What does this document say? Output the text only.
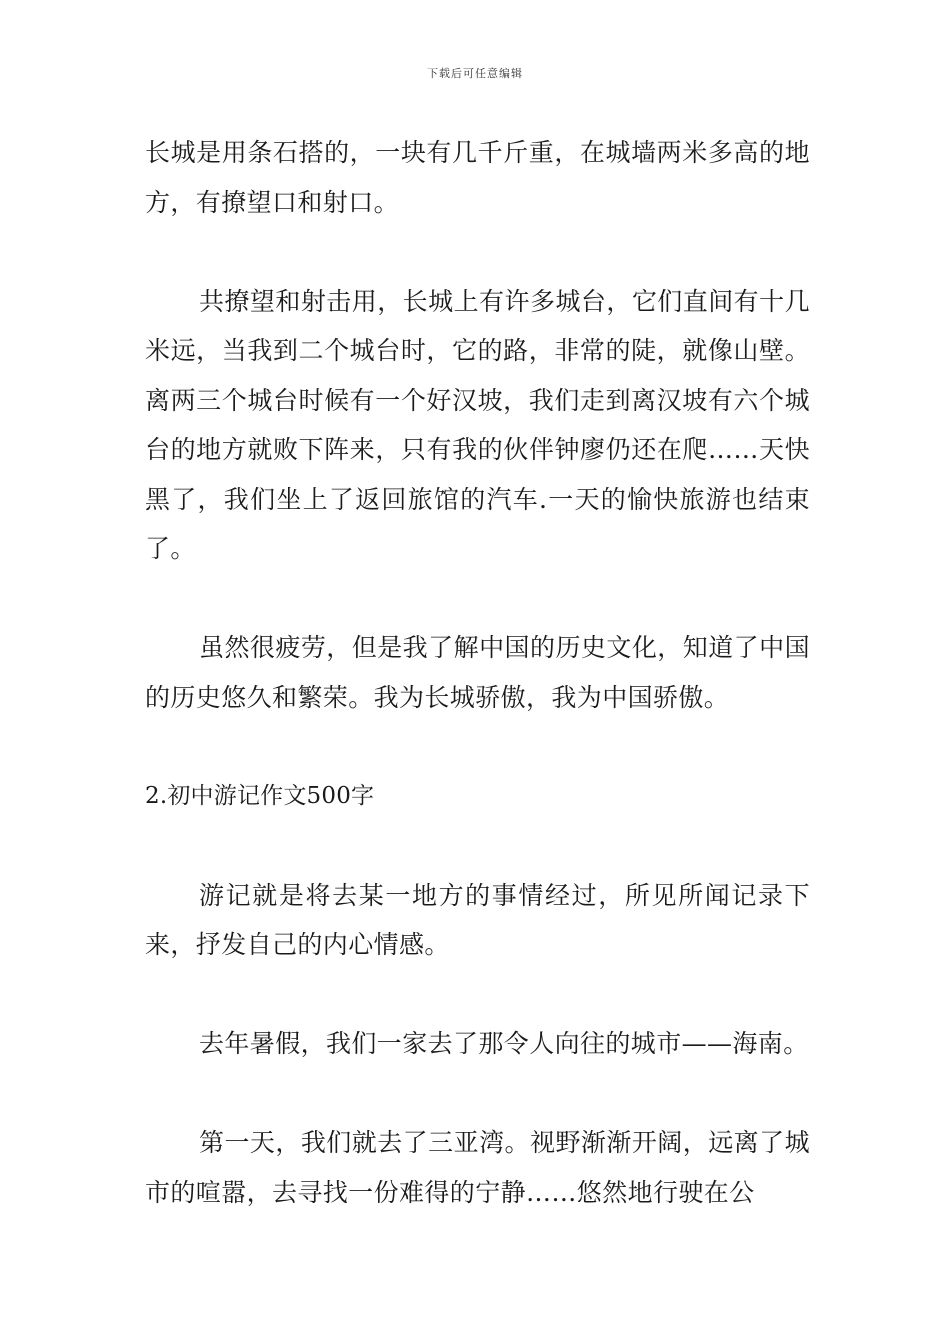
下载后可任意编辑

长城是用条石搭的，一块有几千斤重，在城墙两米多高的地方，有撩望口和射口。

共撩望和射击用，长城上有许多城台，它们直间有十几米远，当我到二个城台时，它的路，非常的陡，就像山壁。离两三个城台时候有一个好汉坡，我们走到离汉坡有六个城台的地方就败下阵来，只有我的伙伴钟廖仍还在爬……天快黑了，我们坐上了返回旅馆的汽车.一天的愉快旅游也结束了。

虽然很疲劳，但是我了解中国的历史文化，知道了中国的历史悠久和繁荣。我为长城骄傲，我为中国骄傲。

2.初中游记作文500字

游记就是将去某一地方的事情经过，所见所闻记录下来，抒发自己的内心情感。

去年暑假，我们一家去了那令人向往的城市——海南。

第一天，我们就去了三亚湾。视野渐渐开阔，远离了城市的喧嚣，去寻找一份难得的宁静……悠然地行驶在公
